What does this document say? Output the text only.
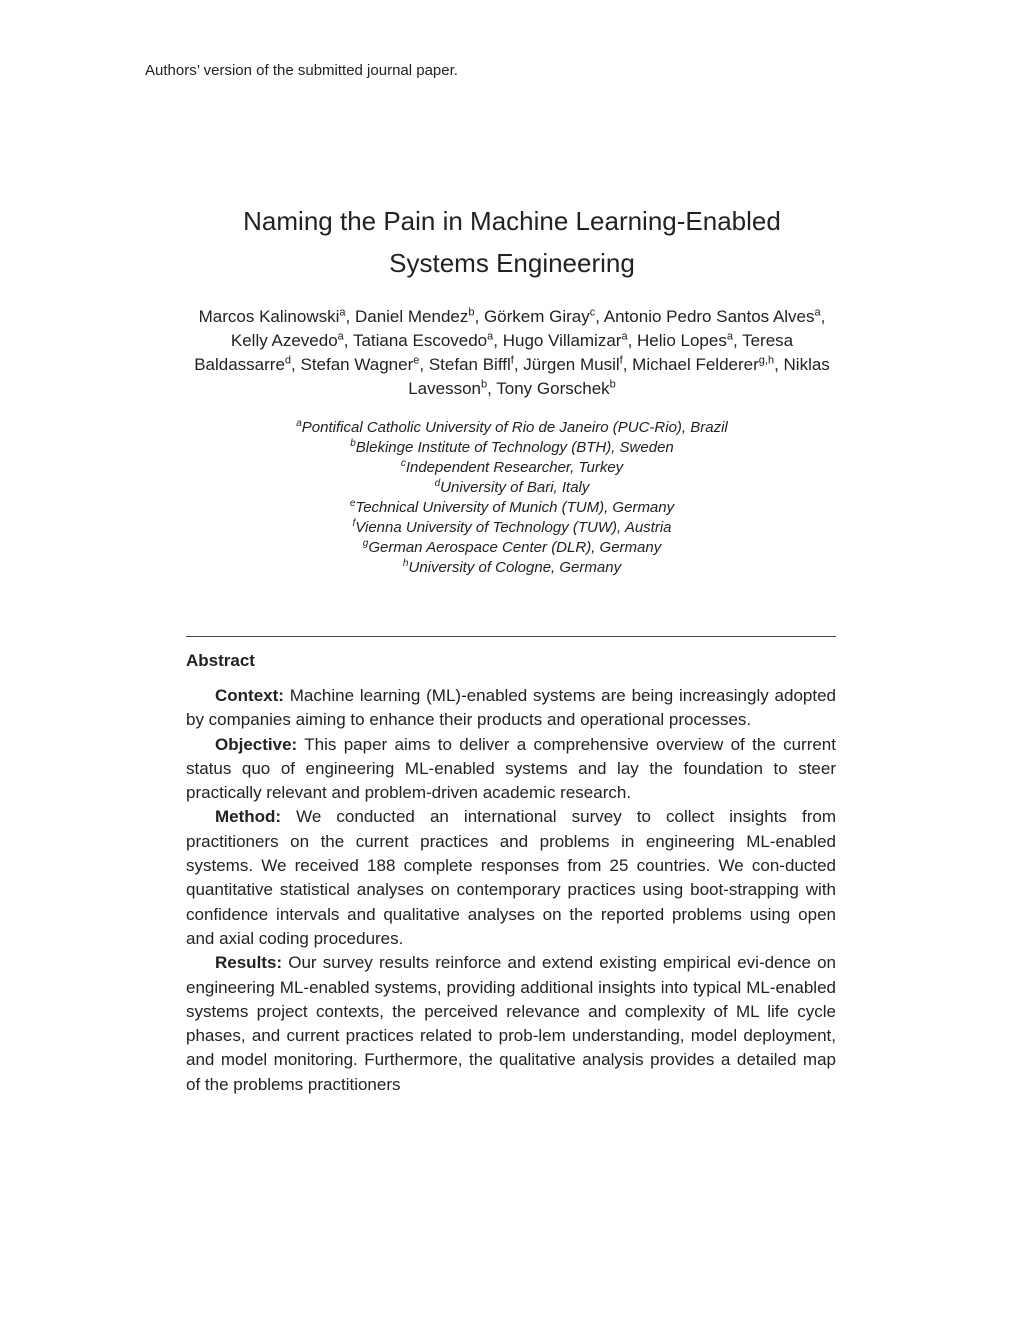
Authors’ version of the submitted journal paper.
Naming the Pain in Machine Learning-Enabled
Systems Engineering
Marcos Kalinowski$^a$, Daniel Mendez$^b$, Görkem Giray$^c$, Antonio Pedro Santos Alves$^a$, Kelly Azevedo$^a$, Tatiana Escovedo$^a$, Hugo Villamizar$^a$, Helio Lopes$^a$, Teresa Baldassarre$^d$, Stefan Wagner$^e$, Stefan Biffl$^f$, Jürgen Musil$^f$, Michael Felderer$^{g,h}$, Niklas Lavesson$^b$, Tony Gorschek$^b$
$^a$Pontifical Catholic University of Rio de Janeiro (PUC-Rio), Brazil
$^b$Blekinge Institute of Technology (BTH), Sweden
$^c$Independent Researcher, Turkey
$^d$University of Bari, Italy
$^e$Technical University of Munich (TUM), Germany
$^f$Vienna University of Technology (TUW), Austria
$^g$German Aerospace Center (DLR), Germany
$^h$University of Cologne, Germany
Abstract

Context: Machine learning (ML)-enabled systems are being increasingly adopted by companies aiming to enhance their products and operational processes.

Objective: This paper aims to deliver a comprehensive overview of the current status quo of engineering ML-enabled systems and lay the foundation to steer practically relevant and problem-driven academic research.

Method: We conducted an international survey to collect insights from practitioners on the current practices and problems in engineering ML-enabled systems. We received 188 complete responses from 25 countries. We con-ducted quantitative statistical analyses on contemporary practices using boot-strapping with confidence intervals and qualitative analyses on the reported problems using open and axial coding procedures.

Results: Our survey results reinforce and extend existing empirical evi-dence on engineering ML-enabled systems, providing additional insights into typical ML-enabled systems project contexts, the perceived relevance and complexity of ML life cycle phases, and current practices related to prob-lem understanding, model deployment, and model monitoring. Furthermore, the qualitative analysis provides a detailed map of the problems practitioners
